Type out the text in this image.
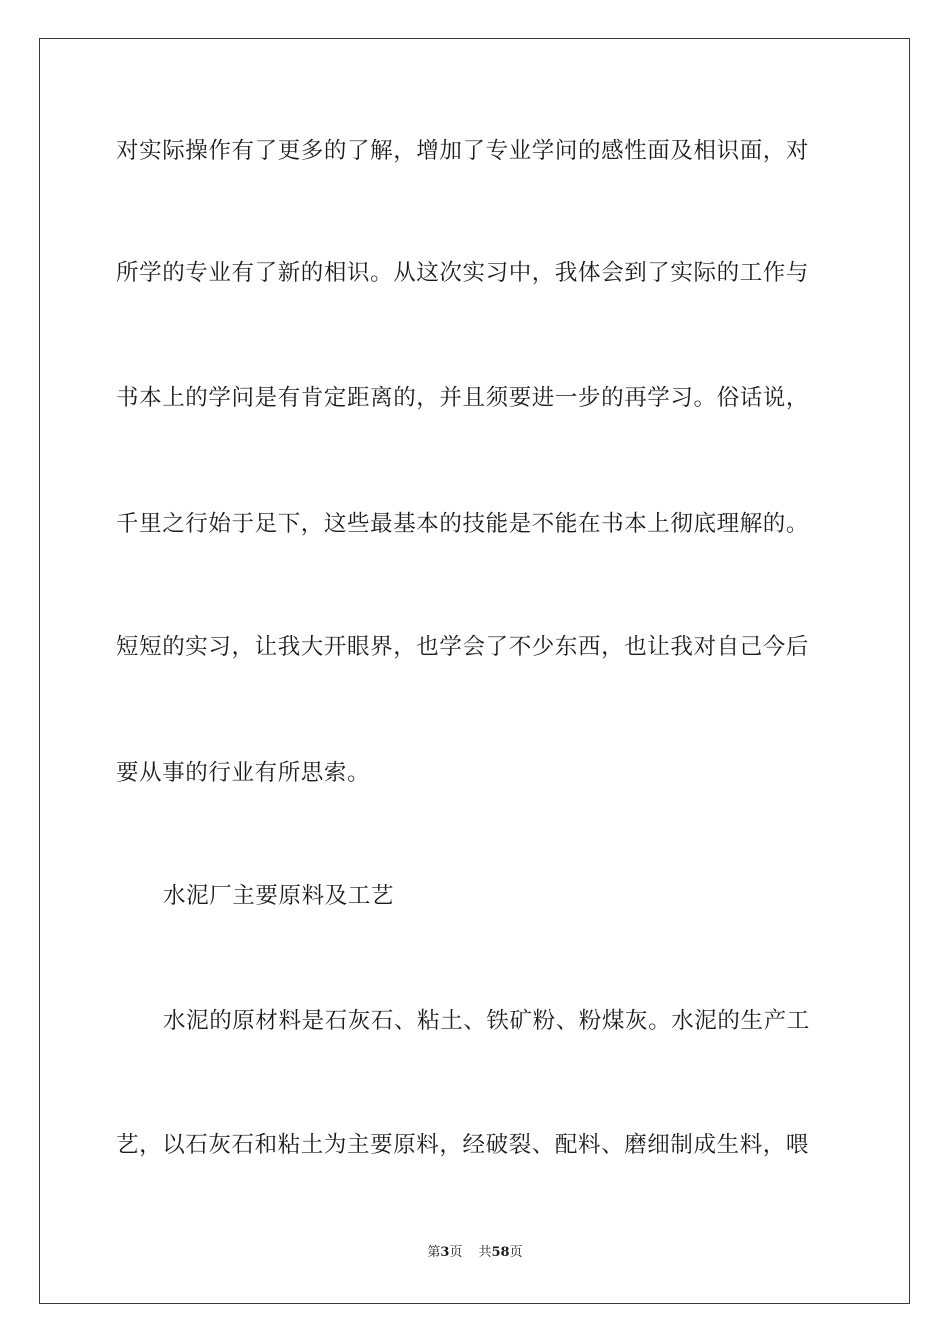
对实际操作有了更多的了解，增加了专业学问的感性面及相识面，对
所学的专业有了新的相识。从这次实习中，我体会到了实际的工作与
书本上的学问是有肯定距离的，并且须要进一步的再学习。俗话说，
千里之行始于足下，这些最基本的技能是不能在书本上彻底理解的。
短短的实习，让我大开眼界，也学会了不少东西，也让我对自己今后
要从事的行业有所思索。
水泥厂主要原料及工艺
水泥的原材料是石灰石、粘土、铁矿粉、粉煤灰。水泥的生产工
艺，以石灰石和粘土为主要原料，经破裂、配料、磨细制成生料，喂
第3页 共58页
